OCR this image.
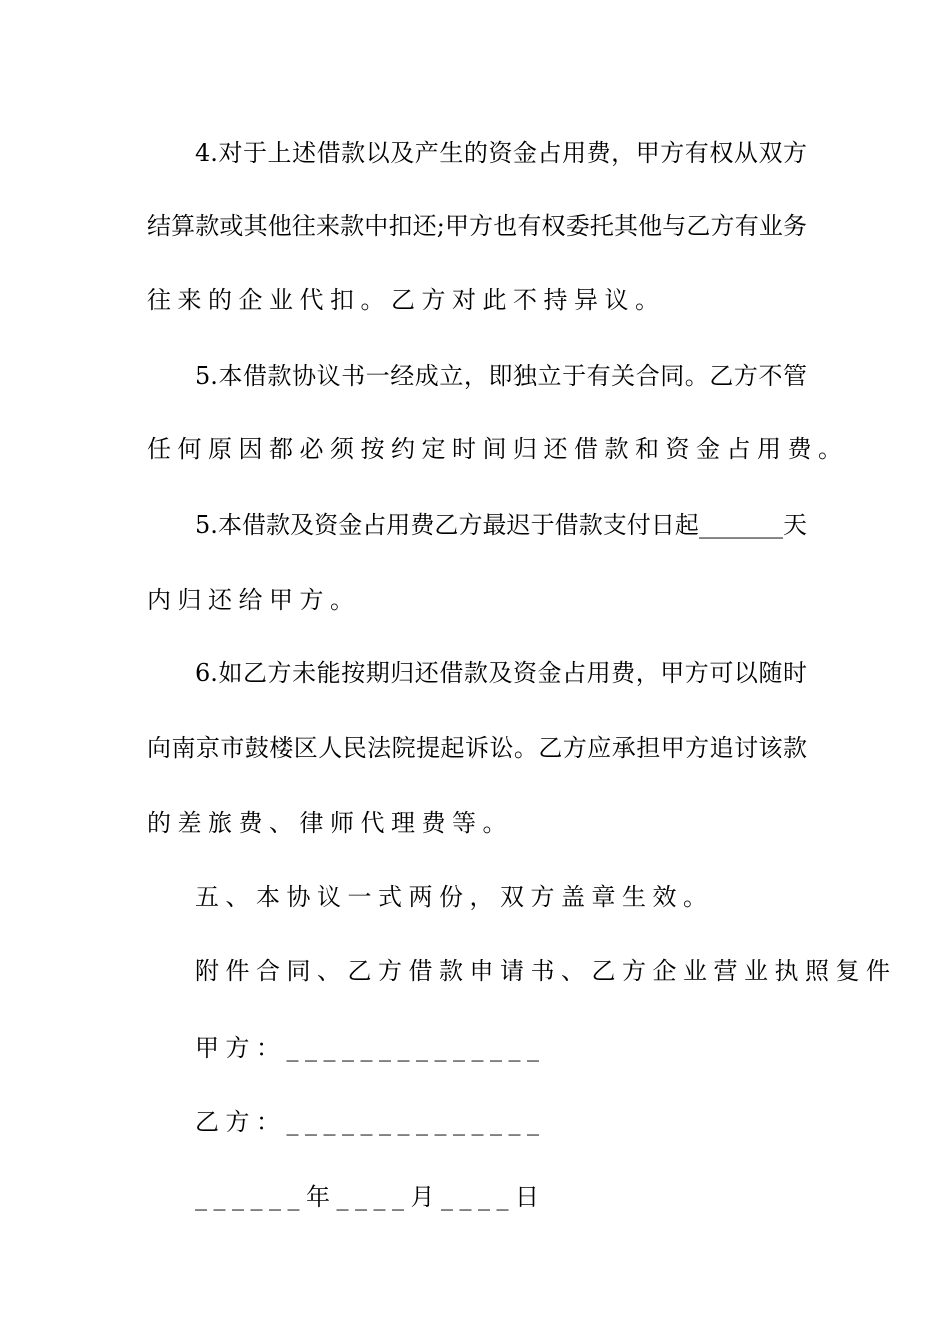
4.对于上述借款以及产生的资金占用费，甲方有权从双方
结算款或其他往来款中扣还;甲方也有权委托其他与乙方有业务
往来的企业代扣。乙方对此不持异议。
5.本借款协议书一经成立，即独立于有关合同。乙方不管
任何原因都必须按约定时间归还借款和资金占用费。
5.本借款及资金占用费乙方最迟于借款支付日起_______天
内归还给甲方。
6.如乙方未能按期归还借款及资金占用费，甲方可以随时
向南京市鼓楼区人民法院提起诉讼。乙方应承担甲方追讨该款
的差旅费、律师代理费等。
五、本协议一式两份，双方盖章生效。
附件合同、乙方借款申请书、乙方企业营业执照复件
甲方：______________
乙方：______________
______年____月____日
